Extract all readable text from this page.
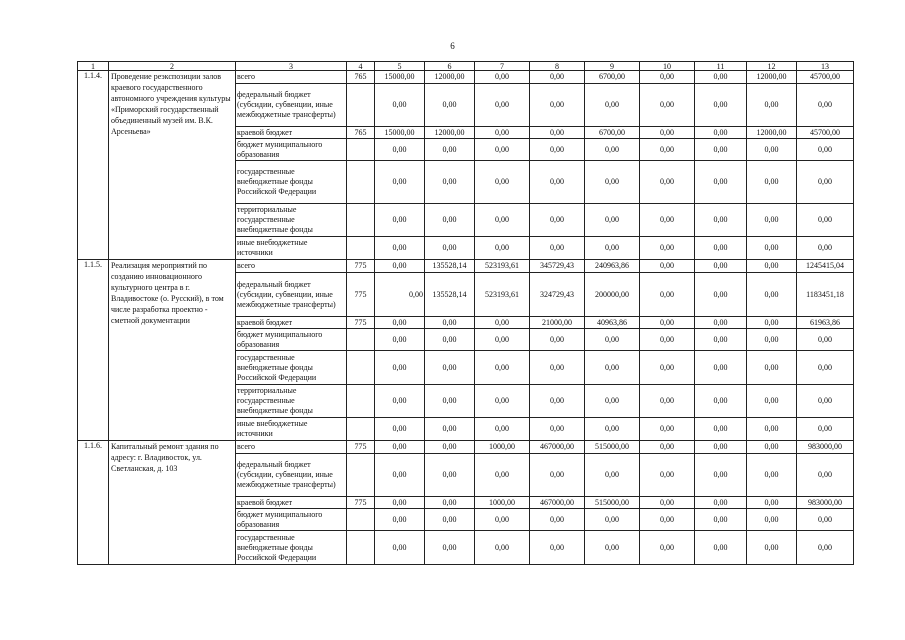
6
1	2	3	4	5	6	7	8	9	10	11	12	13
1.1.4.	Проведение реэкспозиции залов краевого государственного автономного учреждения культуры «Приморский государственный объединенный музей им. В.К. Арсеньева»	всего	765	15000,00	12000,00	0,00	0,00	6700,00	0,00	0,00	12000,00	45700,00
		федеральный бюджет (субсидии, субвенции, иные межбюджетные трансферты)		0,00	0,00	0,00	0,00	0,00	0,00	0,00	0,00	0,00
		краевой бюджет	765	15000,00	12000,00	0,00	0,00	6700,00	0,00	0,00	12000,00	45700,00
		бюджет муниципального образования		0,00	0,00	0,00	0,00	0,00	0,00	0,00	0,00	0,00
		государственные внебюджетные фонды Российской Федерации		0,00	0,00	0,00	0,00	0,00	0,00	0,00	0,00	0,00
		территориальные государственные внебюджетные фонды		0,00	0,00	0,00	0,00	0,00	0,00	0,00	0,00	0,00
		иные внебюджетные источники		0,00	0,00	0,00	0,00	0,00	0,00	0,00	0,00	0,00
1.1.5.	Реализация мероприятий по созданию инновационного культурного центра в г. Владивостоке (о. Русский), в том числе разработка проектно - сметной документации	всего	775	0,00	135528,14	523193,61	345729,43	240963,86	0,00	0,00	0,00	1245415,04
		федеральный бюджет (субсидии, субвенции, иные межбюджетные трансферты)	775	0,00	135528,14	523193,61	324729,43	200000,00	0,00	0,00	0,00	1183451,18
		краевой бюджет	775	0,00	0,00	0,00	21000,00	40963,86	0,00	0,00	0,00	61963,86
		бюджет муниципального образования		0,00	0,00	0,00	0,00	0,00	0,00	0,00	0,00	0,00
		государственные внебюджетные фонды Российской Федерации		0,00	0,00	0,00	0,00	0,00	0,00	0,00	0,00	0,00
		территориальные государственные внебюджетные фонды		0,00	0,00	0,00	0,00	0,00	0,00	0,00	0,00	0,00
		иные внебюджетные источники		0,00	0,00	0,00	0,00	0,00	0,00	0,00	0,00	0,00
1.1.6.	Капитальный ремонт здания по адресу: г. Владивосток, ул. Светланская, д. 103	всего	775	0,00	0,00	1000,00	467000,00	515000,00	0,00	0,00	0,00	983000,00
		федеральный бюджет (субсидии, субвенции, иные межбюджетные трансферты)		0,00	0,00	0,00	0,00	0,00	0,00	0,00	0,00	0,00
		краевой бюджет	775	0,00	0,00	1000,00	467000,00	515000,00	0,00	0,00	0,00	983000,00
		бюджет муниципального образования		0,00	0,00	0,00	0,00	0,00	0,00	0,00	0,00	0,00
		государственные внебюджетные фонды Российской Федерации		0,00	0,00	0,00	0,00	0,00	0,00	0,00	0,00	0,00
